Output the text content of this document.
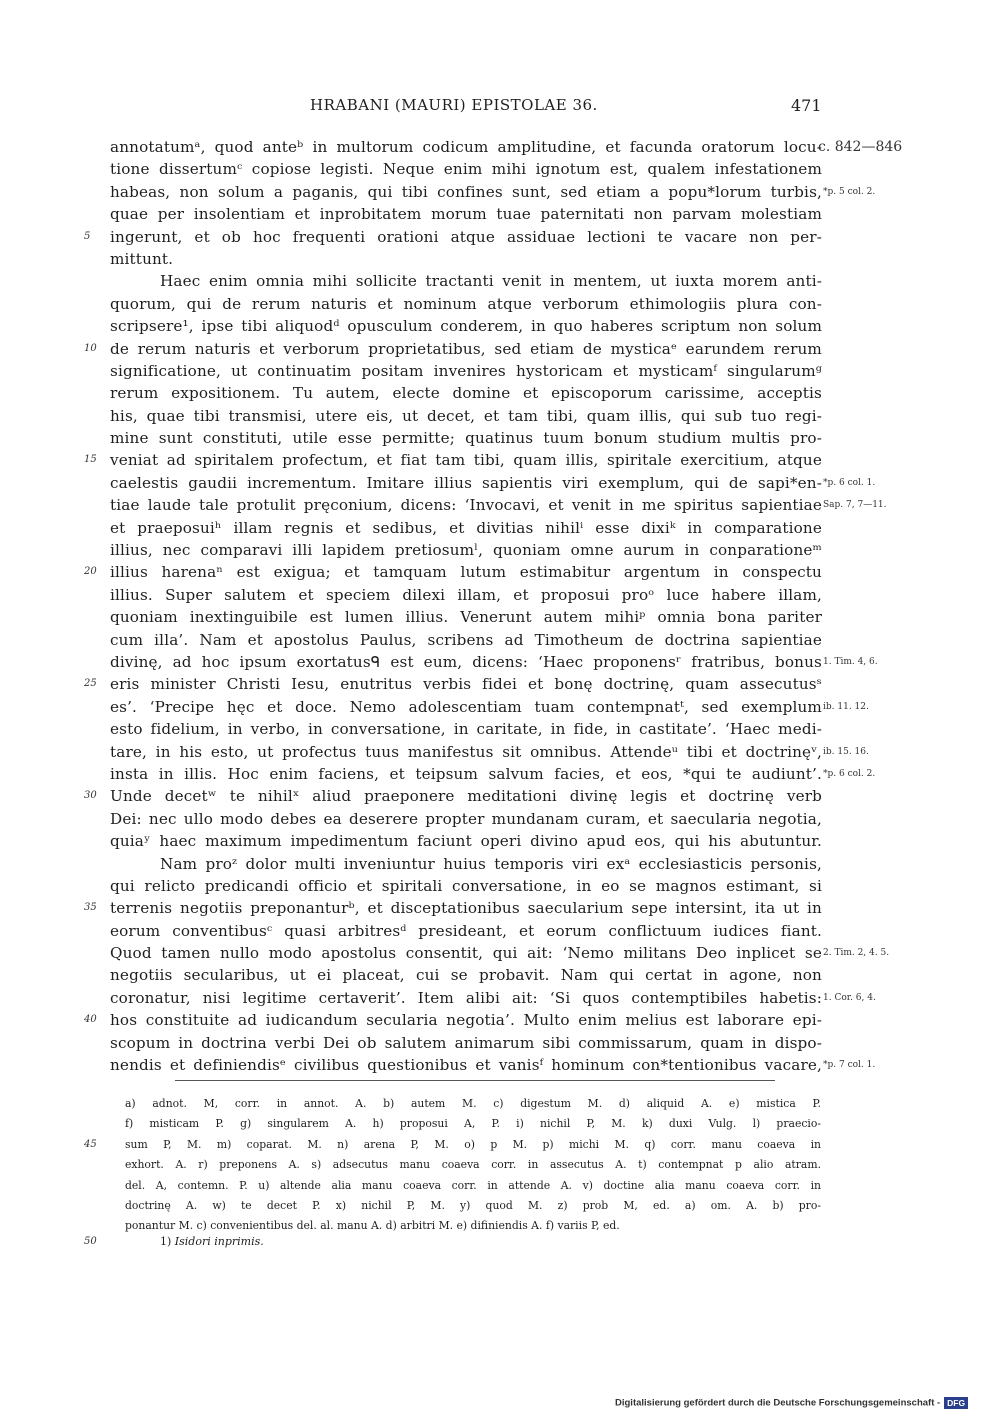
HRABANI (MAURI) EPISTOLAE 36.	471
annotatumᵃ, quod anteᵇ in multorum codicum amplitudine, et facunda oratorum locu-
c. 842—846
tione dissertumᶜ copiose legisti. Neque enim mihi ignotum est, qualem infestationem
habeas, non solum a paganis, qui tibi confines sunt, sed etiam a popu*lorum turbis, *p. 5 col. 2.
quae per insolentiam et inprobitatem morum tuae paternitati non parvam molestiam
5	ingerunt, et ob hoc frequenti orationi atque assiduae lectioni te vacare non per-
mittunt.
Haec enim omnia mihi sollicite tractanti venit in mentem, ut iuxta morem anti-
quorum, qui de rerum naturis et nominum atque verborum ethimologiis plura con-
scripsere¹, ipse tibi aliquodᵈ opusculum conderem, in quo haberes scriptum non solum
10 de rerum naturis et verborum proprietatibus, sed etiam de mysticaᵉ earundem rerum
significatione, ut continuatim positam invenires hystoricam et mysticamᶠ singularumᵍ
rerum expositionem. Tu autem, electe domine et episcoporum carissime, acceptis
his, quae tibi transmisi, utere eis, ut decet, et tam tibi, quam illis, qui sub tuo regi-
mine sunt constituti, utile esse permitte; quatinus tuum bonum studium multis pro-
15 veniat ad spiritalem profectum, et fiat tam tibi, quam illis, spiritale exercitium, atque
caelestis gaudii incrementum. Imitare illius sapientis viri exemplum, qui de sapi*en- *p. 6 col. 1.
tiae laude tale protulit pręconium, dicens: ‘Invocavi, et venit in me spiritus sapientiae Sap. 7, 7—11.
et praeposuiʰ illam regnis et sedibus, et divitias nihilⁱ esse dixiᵏ in comparatione
illius, nec comparavi illi lapidem pretiosumˡ, quoniam omne aurum in conparationeᵐ
20 illius harenaⁿ est exigua; et tamquam lutum estimabitur argentum in conspectu
illius. Super salutem et speciem dilexi illam, et proposui proᵒ luce habere illam,
quoniam inextinguibile est lumen illius. Venerunt autem mihiᵖ omnia bona pariter
cum illa’. Nam et apostolus Paulus, scribens ad Timotheum de doctrina sapientiae
divinę, ad hoc ipsum exortatusᑫ est eum, dicens: ‘Haec proponensʳ fratribus, bonus 1. Tim. 4, 6.
25 eris minister Christi Iesu, enutritus verbis fidei et bonę doctrinę, quam assecutusˢ
es’. ‘Precipe hęc et doce. Nemo adolescentiam tuam contempnatᵗ, sed exemplum ib. 11. 12.
esto fidelium, in verbo, in conversatione, in caritate, in fide, in castitate’. ‘Haec medi-
tare, in his esto, ut profectus tuus manifestus sit omnibus. Attendeᵘ tibi et doctrinęᵛ, ib. 15. 16.
insta in illis. Hoc enim faciens, et teipsum salvum facies, et eos, *qui te audiunt’. *p. 6 col. 2.
30 Unde decetʷ te nihilˣ aliud praeponere meditationi divinę legis et doctrinę verb
Dei: nec ullo modo debes ea deserere propter mundanam curam, et saecularia negotia,
quiaʸ haec maximum impedimentum faciunt operi divino apud eos, qui his abutuntur.
Nam proᶻ dolor multi inveniuntur huius temporis viri exᵃ ecclesiasticis personis,
qui relicto predicandi officio et spiritali conversatione, in eo se magnos estimant, si
35 terrenis negotiis preponanturᵇ, et disceptationibus saecularium sepe intersint, ita ut in
eorum conventibusᶜ quasi arbitresᵈ presideant, et eorum conflictuum iudices fiant.
Quod tamen nullo modo apostolus consentit, qui ait: ‘Nemo militans Deo inplicet se 2. Tim. 2, 4. 5.
negotiis secularibus, ut ei placeat, cui se probavit. Nam qui certat in agone, non
coronatur, nisi legitime certaverit’. Item alibi ait: ‘Si quos contemptibiles habetis: 1. Cor. 6, 4.
40 hos constituite ad iudicandum secularia negotia’. Multo enim melius est laborare epi-
scopum in doctrina verbi Dei ob salutem animarum sibi commissarum, quam in dispo-
nendis et definiendisᵉ civilibus questionibus et vanisᶠ hominum con*tentionibus vacare, *p. 7 col. 1.
a) adnot. M, corr. in annot. A. b) autem M. c) digestum M. d) aliquid A. e) mistica P.
f) misticam P. g) singularem A. h) proposui A, P. i) nichil P, M. k) duxi Vulg. l) praecio-
45	sum P, M. m) coparat. M. n) arena P, M. o) p M. p) michi M. q) corr. manu coaeva in
exhort. A. r) preponens A. s) adsecutus manu coaeva corr. in assecutus A. t) contempnat p alio atram.
del. A, contemn. P. u) altende alia manu coaeva corr. in attende A. v) doctine alia manu coaeva corr. in
doctrinę A. w) te decet P. x) nichil P, M. y) quod M. z) prob M, ed. a) om. A. b) pro-
ponantur M. c) convenientibus del. al. manu A. d) arbitri M. e) difiniendis A. f) variis P, ed.
50	1) Isidori inprimis.
Digitalisierung gefördert durch die Deutsche Forschungsgemeinschaft - DFG
